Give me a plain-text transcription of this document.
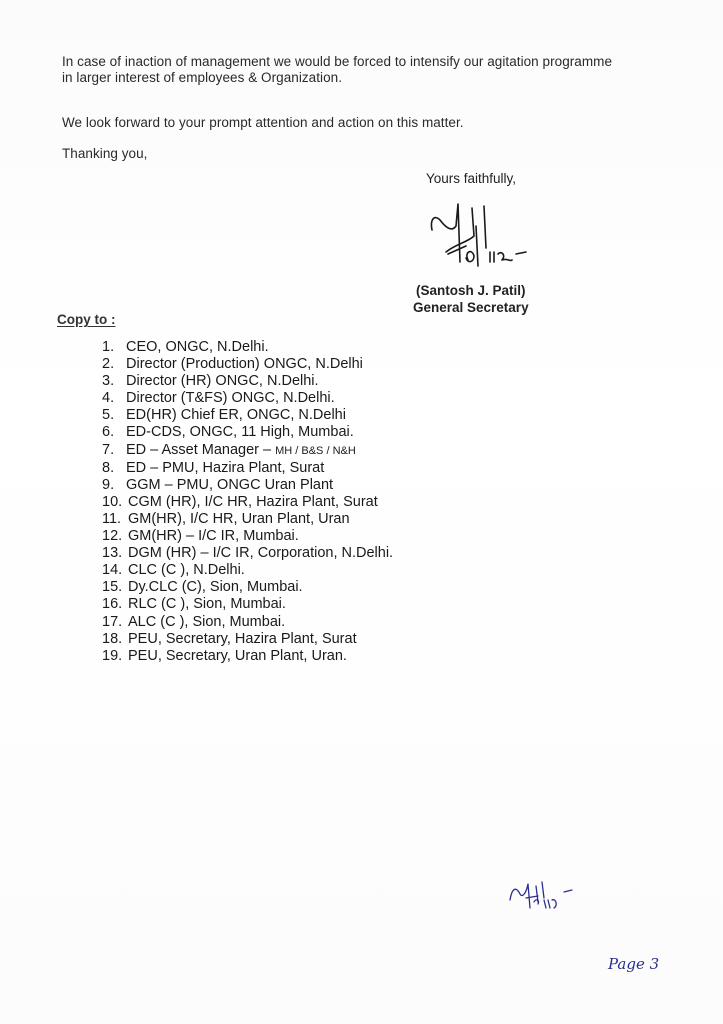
In case of inaction of management we would be forced to intensify our agitation programme
in larger interest of employees & Organization.
We look forward to your prompt attention and action on this matter.
Thanking you,
Yours faithfully,
(Santosh J. Patil)
General Secretary
Copy to :
1. CEO, ONGC, N.Delhi.
2. Director (Production) ONGC, N.Delhi
3. Director (HR) ONGC, N.Delhi.
4. Director (T&FS) ONGC, N.Delhi.
5. ED(HR) Chief ER, ONGC, N.Delhi
6. ED-CDS, ONGC, 11 High, Mumbai.
7. ED – Asset Manager – MH / B&S / N&H
8. ED – PMU, Hazira Plant, Surat
9. GGM – PMU, ONGC Uran Plant
10. CGM (HR), I/C HR, Hazira Plant, Surat
11. GM(HR), I/C HR, Uran Plant, Uran
12. GM(HR) – I/C IR, Mumbai.
13. DGM (HR) – I/C IR, Corporation, N.Delhi.
14. CLC (C ), N.Delhi.
15. Dy.CLC (C), Sion, Mumbai.
16. RLC (C ), Sion, Mumbai.
17. ALC (C ), Sion, Mumbai.
18. PEU, Secretary, Hazira Plant, Surat
19. PEU, Secretary, Uran Plant, Uran.
Page 3
